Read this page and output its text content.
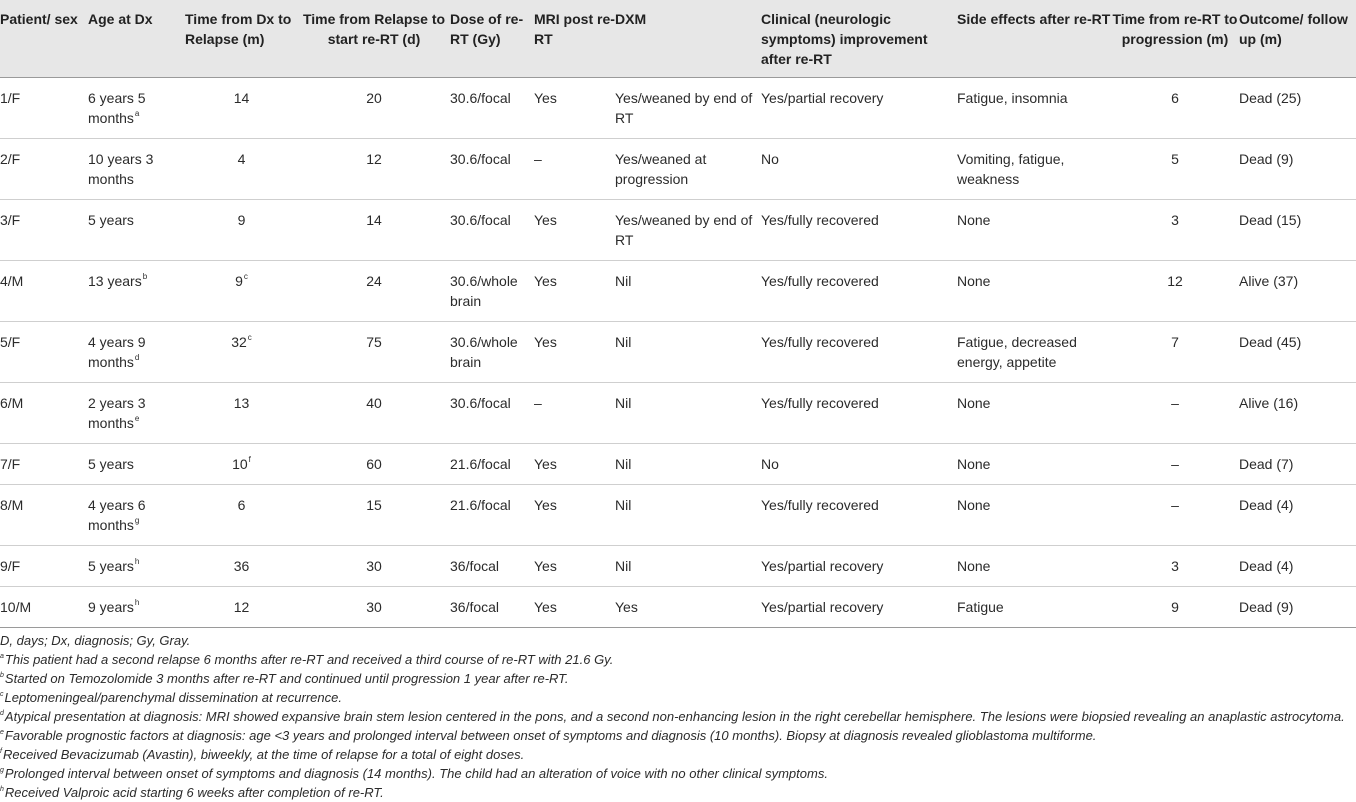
Patient/ sex	Age at Dx	Time from Dx to Relapse (m)	Time from Relapse to start re-RT (d)	Dose of re-RT (Gy)	MRI post re-RT	DXM	Clinical (neurologic symptoms) improvement after re-RT	Side effects after re-RT	Time from re-RT to progression (m)	Outcome/ follow up (m)
1/F	6 years 5 months$^a$	14	20	30.6/focal	Yes	Yes/weaned by end of RT	Yes/partial recovery	Fatigue, insomnia	6	Dead (25)
2/F	10 years 3 months	4	12	30.6/focal	–	Yes/weaned at progression	No	Vomiting, fatigue, weakness	5	Dead (9)
3/F	5 years	9	14	30.6/focal	Yes	Yes/weaned by end of RT	Yes/fully recovered	None	3	Dead (15)
4/M	13 years$^b$	9$^c$	24	30.6/whole brain	Yes	Nil	Yes/fully recovered	None	12	Alive (37)
5/F	4 years 9 months$^d$	32$^c$	75	30.6/whole brain	Yes	Nil	Yes/fully recovered	Fatigue, decreased energy, appetite	7	Dead (45)
6/M	2 years 3 months$^e$	13	40	30.6/focal	–	Nil	Yes/fully recovered	None	–	Alive (16)
7/F	5 years	10$^f$	60	21.6/focal	Yes	Nil	No	None	–	Dead (7)
8/M	4 years 6 months$^g$	6	15	21.6/focal	Yes	Nil	Yes/fully recovered	None	–	Dead (4)
9/F	5 years$^h$	36	30	36/focal	Yes	Nil	Yes/partial recovery	None	3	Dead (4)
10/M	9 years$^h$	12	30	36/focal	Yes	Yes	Yes/partial recovery	Fatigue	9	Dead (9)
D, days; Dx, diagnosis; Gy, Gray.
$^a$This patient had a second relapse 6 months after re-RT and received a third course of re-RT with 21.6 Gy.
$^b$Started on Temozolomide 3 months after re-RT and continued until progression 1 year after re-RT.
$^c$Leptomeningeal/parenchymal dissemination at recurrence.
$^d$Atypical presentation at diagnosis: MRI showed expansive brain stem lesion centered in the pons, and a second non-enhancing lesion in the right cerebellar hemisphere. The lesions were biopsied revealing an anaplastic astrocytoma.
$^e$Favorable prognostic factors at diagnosis: age <3 years and prolonged interval between onset of symptoms and diagnosis (10 months). Biopsy at diagnosis revealed glioblastoma multiforme.
$^f$Received Bevacizumab (Avastin), biweekly, at the time of relapse for a total of eight doses.
$^g$Prolonged interval between onset of symptoms and diagnosis (14 months). The child had an alteration of voice with no other clinical symptoms.
$^h$Received Valproic acid starting 6 weeks after completion of re-RT.
